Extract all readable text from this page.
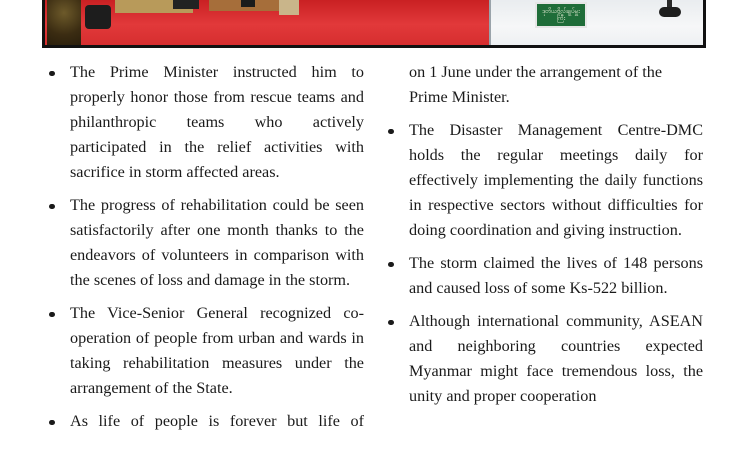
ဒုတိယဗိုလ်ချုပ်မှူးကြီး
The Prime Minister instructed him to properly honor those from rescue teams and philanthropic teams who actively participated in the relief activities with sacrifice in storm affected areas.
The progress of rehabilitation could be seen satisfactorily after one month thanks to the endeavors of volunteers in comparison with the scenes of loss and damage in the storm.
The Vice-Senior General recognized co-operation of people from urban and wards in taking rehabilitation measures under the arrangement of the State.
As life of people is forever but life of
on 1 June under the arrangement of the Prime Minister.
The Disaster Management Centre-DMC holds the regular meetings daily for effectively implementing the daily functions in respective sectors without difficulties for doing coordination and giving instruction.
The storm claimed the lives of 148 persons and caused loss of some Ks-522 billion.
Although international community, ASEAN and neighboring countries expected Myanmar might face tremendous loss, the unity and proper cooperation
